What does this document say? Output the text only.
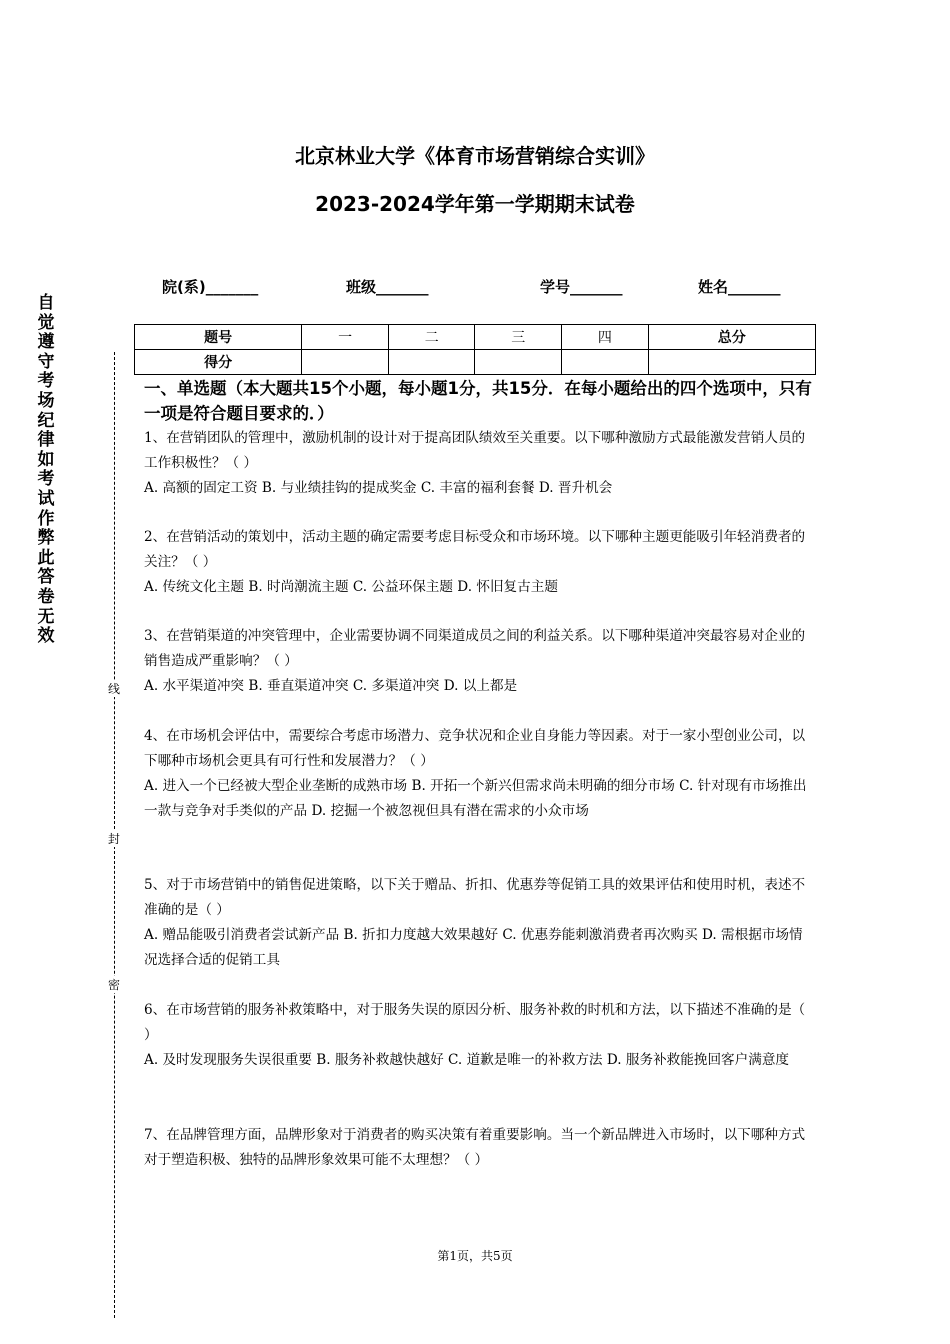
北京林业大学《体育市场营销综合实训》
2023-2024学年第一学期期末试卷
院(系)_______	班级_______	学号_______	姓名_______
题号	一	二	三	四	总分
得分					
自
觉
遵
守
考
场
纪
律
如
考
试
作
弊
此
答
卷
无
效
线
封
密
一、单选题（本大题共15个小题，每小题1分，共15分．在每小题给出的四个选项中，只有一项是符合题目要求的．）

1、在营销团队的管理中，激励机制的设计对于提高团队绩效至关重要。以下哪种激励方式最能激发营销人员的工作积极性？（ ）

A. 高额的固定工资 B. 与业绩挂钩的提成奖金 C. 丰富的福利套餐 D. 晋升机会

2、在营销活动的策划中，活动主题的确定需要考虑目标受众和市场环境。以下哪种主题更能吸引年轻消费者的关注？（ ）

A. 传统文化主题 B. 时尚潮流主题 C. 公益环保主题 D. 怀旧复古主题

3、在营销渠道的冲突管理中，企业需要协调不同渠道成员之间的利益关系。以下哪种渠道冲突最容易对企业的销售造成严重影响？（ ）

A. 水平渠道冲突 B. 垂直渠道冲突 C. 多渠道冲突 D. 以上都是

4、在市场机会评估中，需要综合考虑市场潜力、竞争状况和企业自身能力等因素。对于一家小型创业公司，以下哪种市场机会更具有可行性和发展潜力？（ ）

A. 进入一个已经被大型企业垄断的成熟市场 B. 开拓一个新兴但需求尚未明确的细分市场 C. 针对现有市场推出一款与竞争对手类似的产品 D. 挖掘一个被忽视但具有潜在需求的小众市场

5、对于市场营销中的销售促进策略，以下关于赠品、折扣、优惠券等促销工具的效果评估和使用时机，表述不准确的是（ ）

A. 赠品能吸引消费者尝试新产品 B. 折扣力度越大效果越好 C. 优惠券能刺激消费者再次购买 D. 需根据市场情况选择合适的促销工具

6、在市场营销的服务补救策略中，对于服务失误的原因分析、服务补救的时机和方法，以下描述不准确的是（ ）

A. 及时发现服务失误很重要 B. 服务补救越快越好 C. 道歉是唯一的补救方法 D. 服务补救能挽回客户满意度

7、在品牌管理方面，品牌形象对于消费者的购买决策有着重要影响。当一个新品牌进入市场时，以下哪种方式对于塑造积极、独特的品牌形象效果可能不太理想？（ ）

第1页，共5页
